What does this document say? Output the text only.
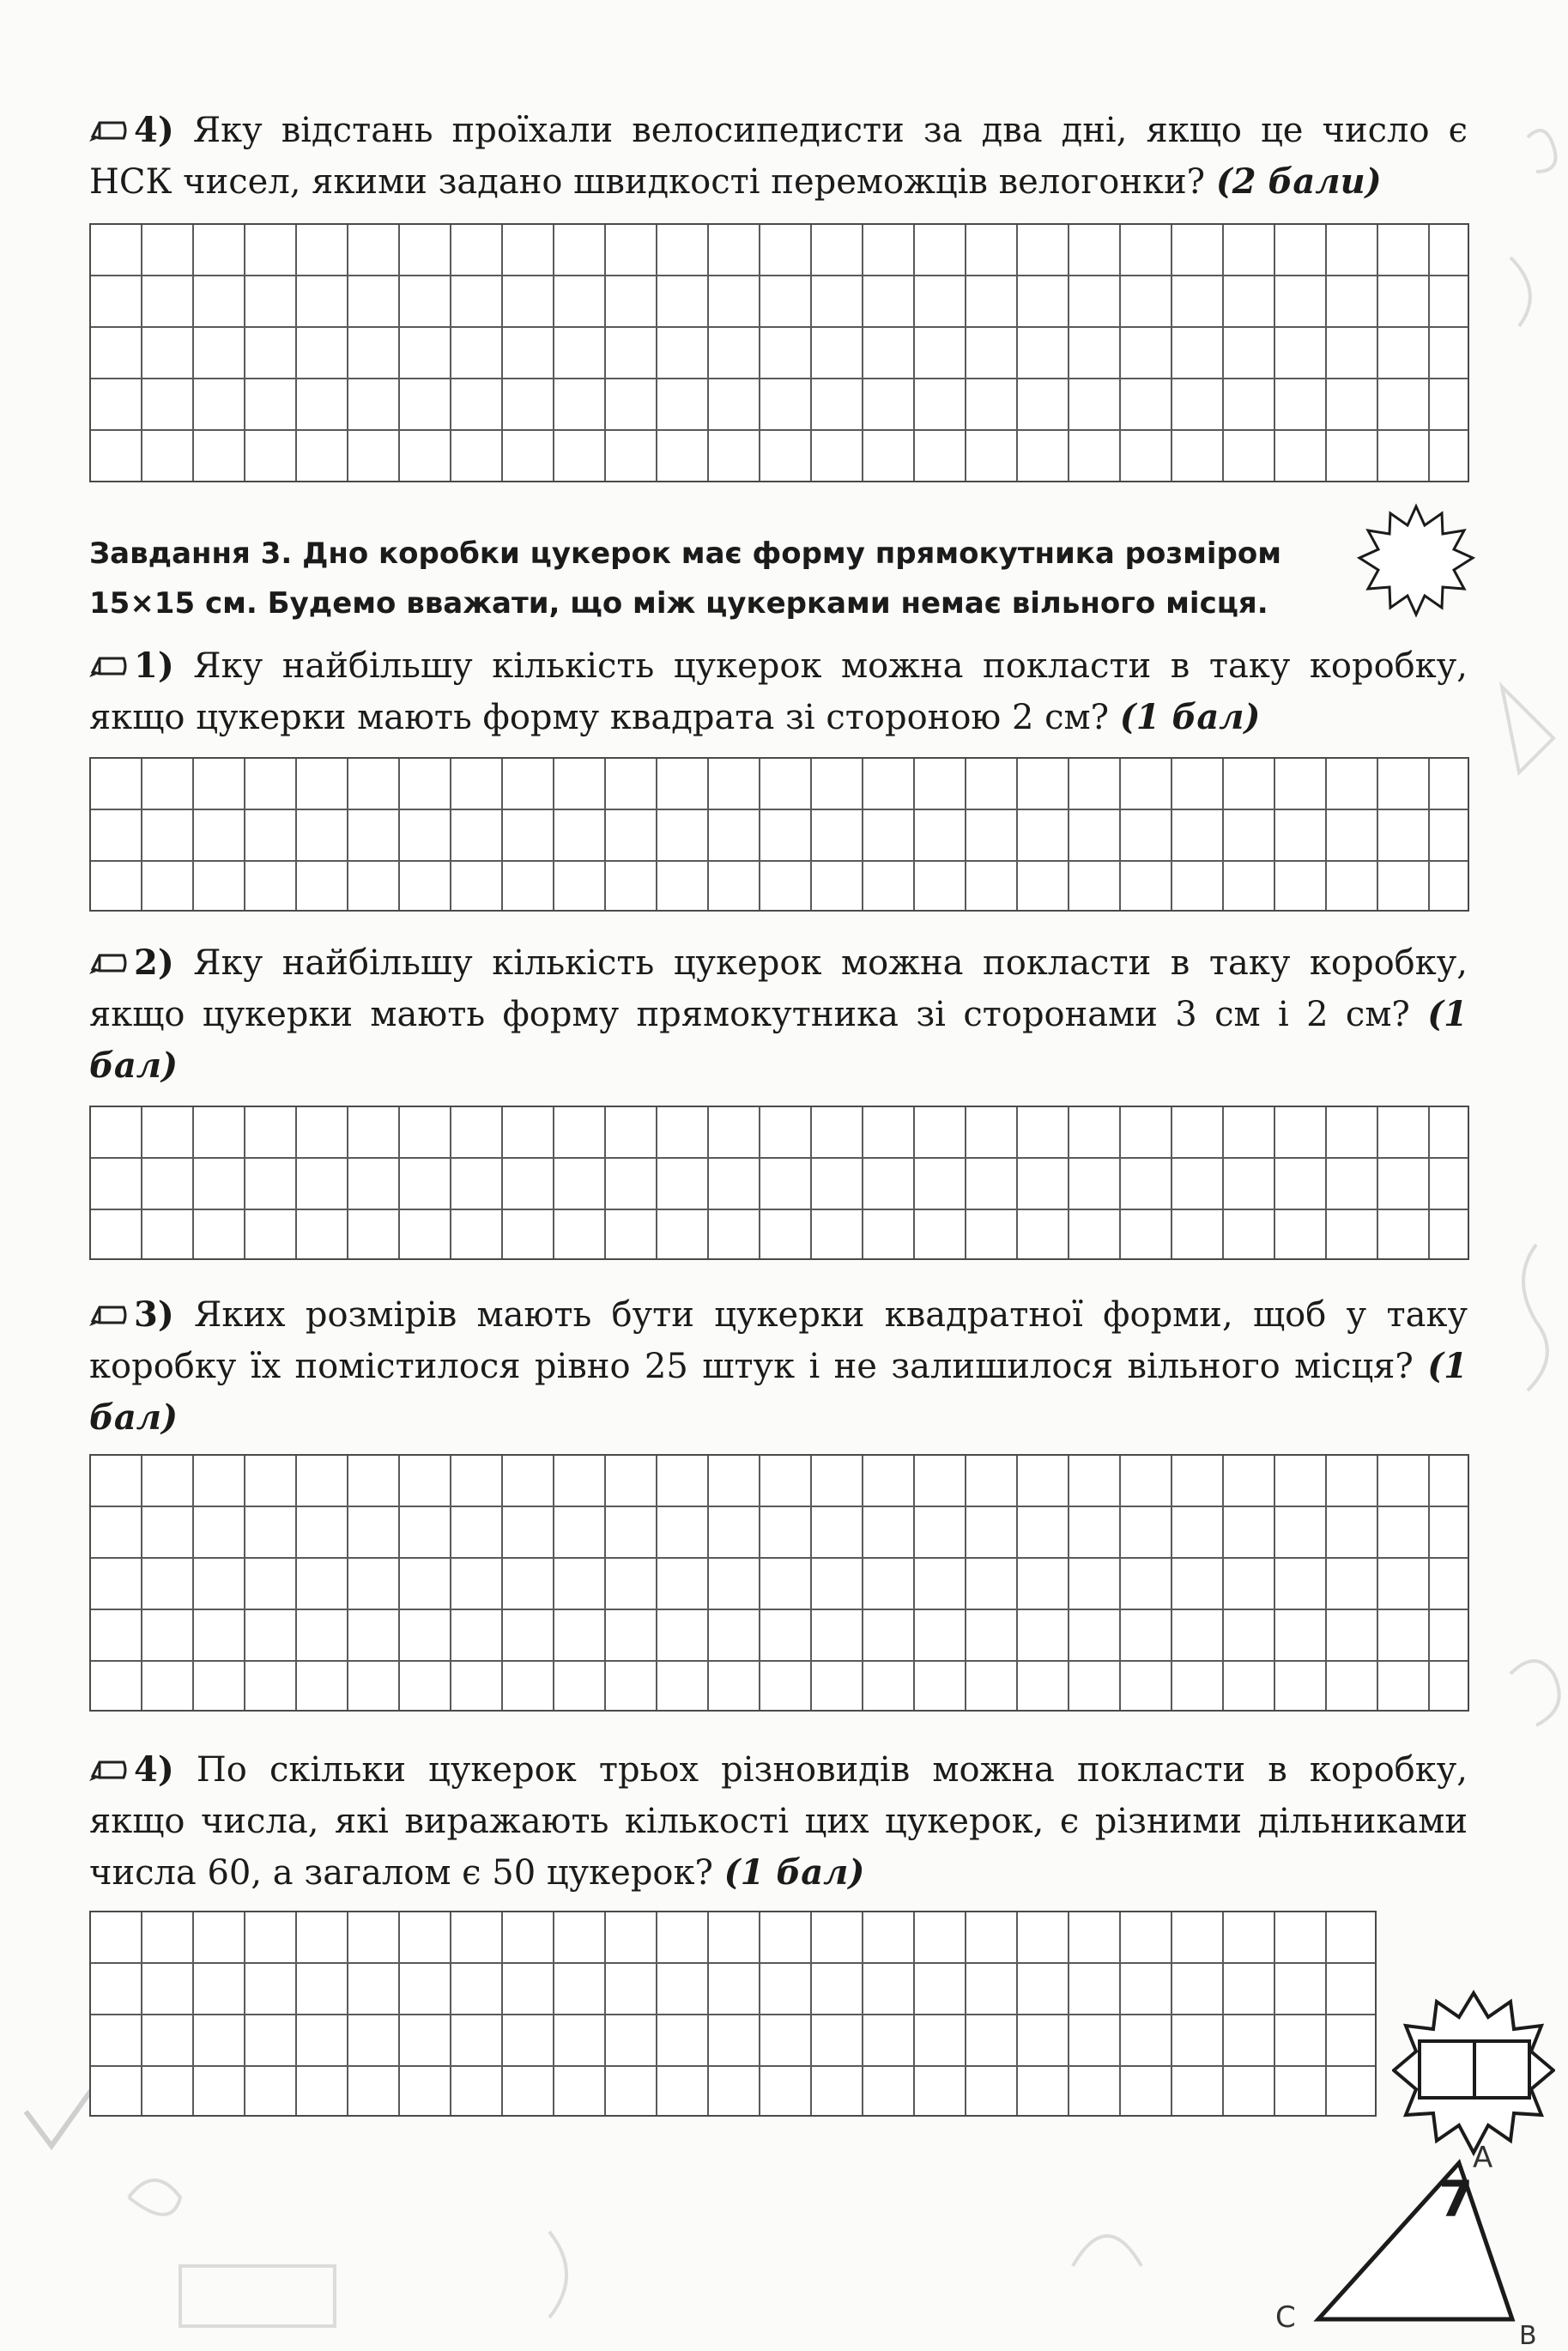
4) Яку відстань проїхали велосипедисти за два дні, якщо це число є НСК чисел, якими задано швидкості переможців велогонки? (2 бали)
Завдання 3. Дно коробки цукерок має форму прямокутника розміром 15×15 см. Будемо вважати, що між цукерками немає вільного місця.
1) Яку найбільшу кількість цукерок можна покласти в таку коробку, якщо цукерки мають форму квадрата зі стороною 2 см? (1 бал)
2) Яку найбільшу кількість цукерок можна покласти в таку коробку, якщо цукерки мають форму прямокутника зі сторонами 3 см і 2 см? (1 бал)
3) Яких розмірів мають бути цукерки квадратної форми, щоб у таку коробку їх помістилося рівно 25 штук і не залишилося вільного місця? (1 бал)
4) По скільки цукерок трьох різновидів можна покласти в коробку, якщо числа, які виражають кількості цих цукерок, є різними дільниками числа 60, а загалом є 50 цукерок? (1 бал)
A
B
C
7
